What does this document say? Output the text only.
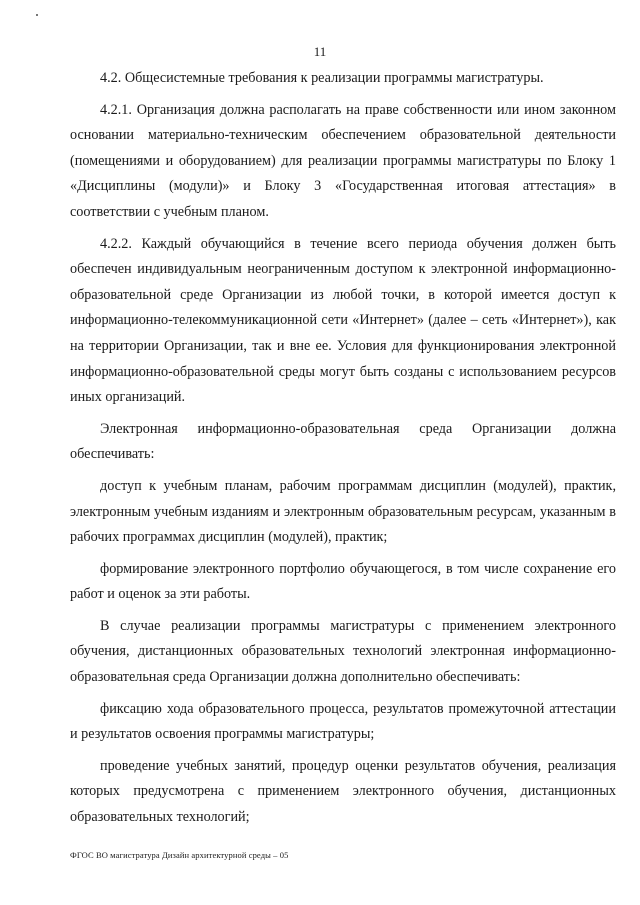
11

4.2. Общесистемные требования к реализации программы магистратуры.

4.2.1. Организация должна располагать на праве собственности или ином законном основании материально-техническим обеспечением образовательной деятельности (помещениями и оборудованием) для реализации программы магистратуры по Блоку 1 «Дисциплины (модули)» и Блоку 3 «Государственная итоговая аттестация» в соответствии с учебным планом.

4.2.2. Каждый обучающийся в течение всего периода обучения должен быть обеспечен индивидуальным неограниченным доступом к электронной информационно-образовательной среде Организации из любой точки, в которой имеется доступ к информационно-телекоммуникационной сети «Интернет» (далее – сеть «Интернет»), как на территории Организации, так и вне ее. Условия для функционирования электронной информационно-образовательной среды могут быть созданы с использованием ресурсов иных организаций.

Электронная информационно-образовательная среда Организации должна обеспечивать:

доступ к учебным планам, рабочим программам дисциплин (модулей), практик, электронным учебным изданиям и электронным образовательным ресурсам, указанным в рабочих программах дисциплин (модулей), практик;

формирование электронного портфолио обучающегося, в том числе сохранение его работ и оценок за эти работы.

В случае реализации программы магистратуры с применением электронного обучения, дистанционных образовательных технологий электронная информационно-образовательная среда Организации должна дополнительно обеспечивать:

фиксацию хода образовательного процесса, результатов промежуточной аттестации и результатов освоения программы магистратуры;

проведение учебных занятий, процедур оценки результатов обучения, реализация которых предусмотрена с применением электронного обучения, дистанционных образовательных технологий;

ФГОС ВО магистратура Дизайн архитектурной среды – 05
